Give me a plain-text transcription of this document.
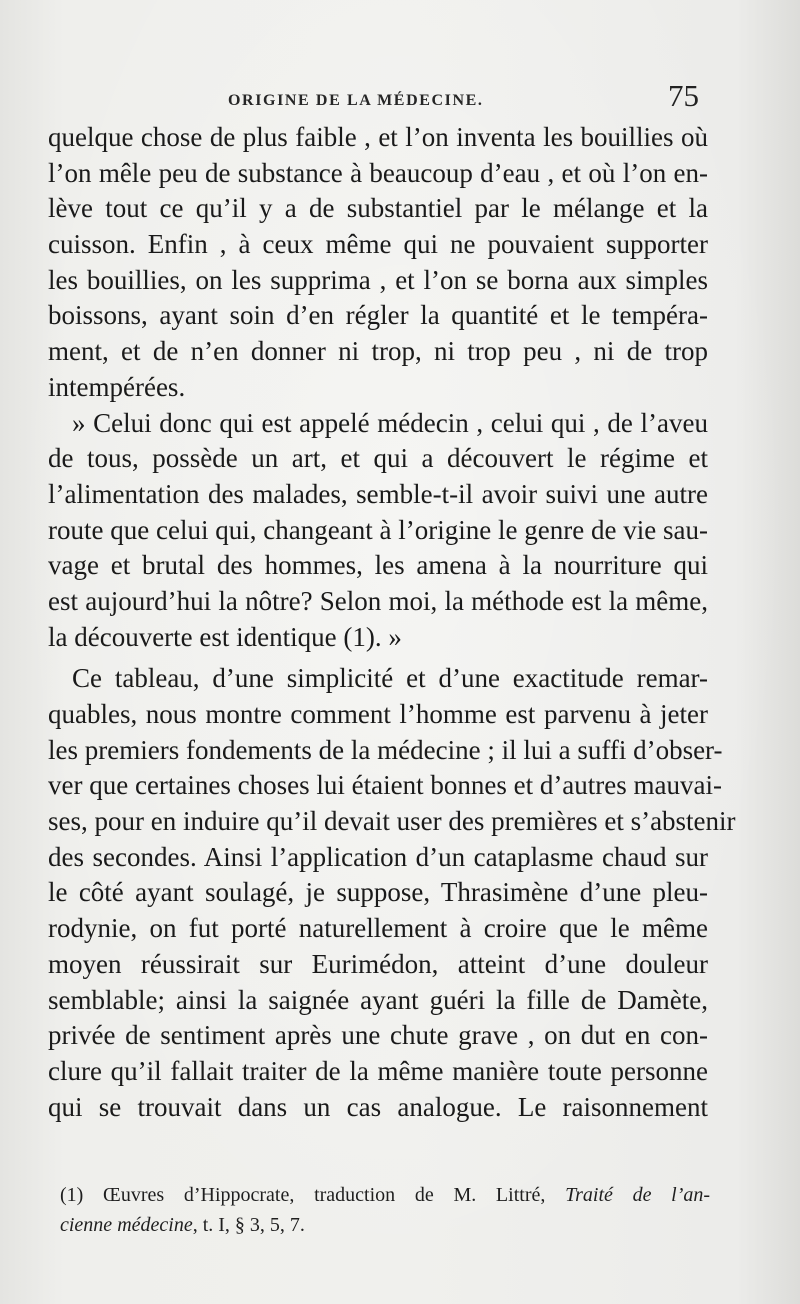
ORIGINE DE LA MÉDECINE.	75
quelque chose de plus faible , et l’on inventa les bouillies où
l’on mêle peu de substance à beaucoup d’eau , et où l’on en-
lève tout ce qu’il y a de substantiel par le mélange et la
cuisson. Enfin , à ceux même qui ne pouvaient supporter
les bouillies, on les supprima , et l’on se borna aux simples
boissons, ayant soin d’en régler la quantité et le tempéra-
ment, et de n’en donner ni trop, ni trop peu , ni de trop
intempérées.
» Celui donc qui est appelé médecin , celui qui , de l’aveu
de tous, possède un art, et qui a découvert le régime et
l’alimentation des malades, semble-t-il avoir suivi une autre
route que celui qui, changeant à l’origine le genre de vie sau-
vage et brutal des hommes, les amena à la nourriture qui
est aujourd’hui la nôtre? Selon moi, la méthode est la même,
la découverte est identique (1). »
Ce tableau, d’une simplicité et d’une exactitude remar-
quables, nous montre comment l’homme est parvenu à jeter
les premiers fondements de la médecine ; il lui a suffi d’obser-
ver que certaines choses lui étaient bonnes et d’autres mauvai-
ses, pour en induire qu’il devait user des premières et s’abstenir
des secondes. Ainsi l’application d’un cataplasme chaud sur
le côté ayant soulagé, je suppose, Thrasimène d’une pleu-
rodynie, on fut porté naturellement à croire que le même
moyen réussirait sur Eurimédon, atteint d’une douleur
semblable; ainsi la saignée ayant guéri la fille de Damète,
privée de sentiment après une chute grave , on dut en con-
clure qu’il fallait traiter de la même manière toute personne
qui se trouvait dans un cas analogue. Le raisonnement
(1) Œuvres d’Hippocrate, traduction de M. Littré, Traité de l’an-
cienne médecine, t. I, § 3, 5, 7.
